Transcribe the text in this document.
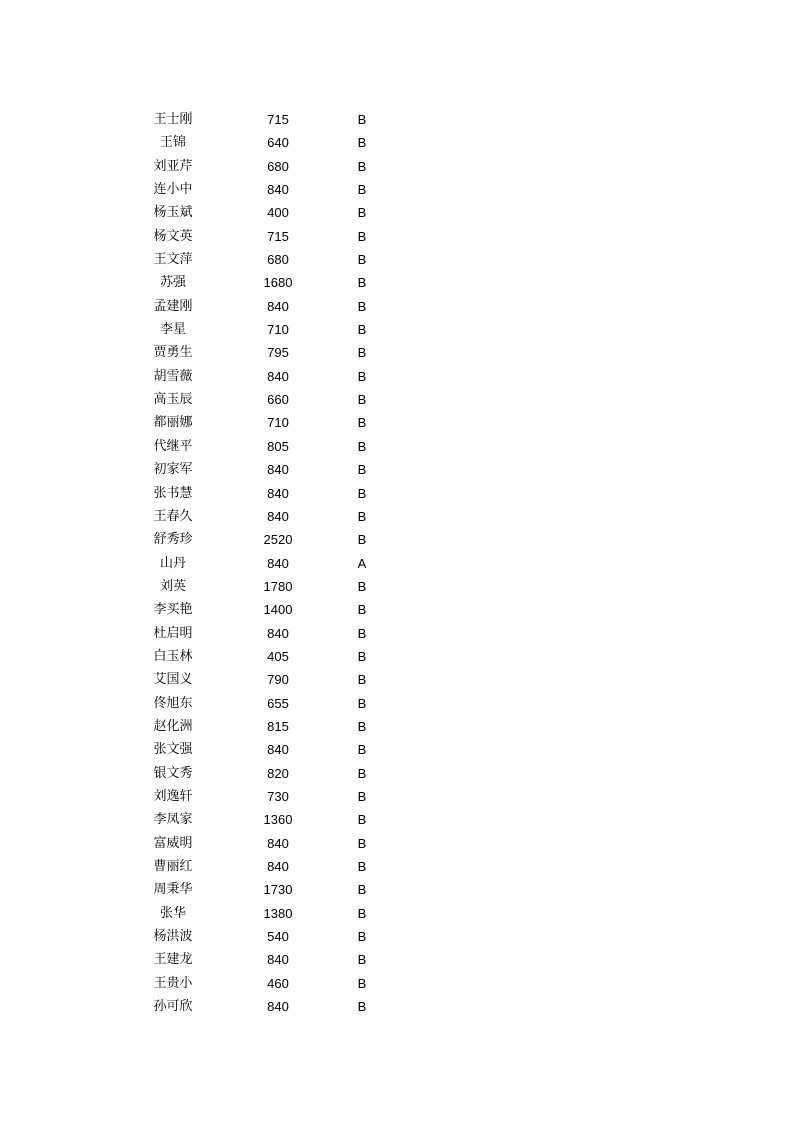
王士刚	715	B
王锦	640	B
刘亚芹	680	B
连小中	840	B
杨玉斌	400	B
杨文英	715	B
王文萍	680	B
苏强	1680	B
孟建刚	840	B
李星	710	B
贾勇生	795	B
胡雪薇	840	B
高玉辰	660	B
都丽娜	710	B
代继平	805	B
初家军	840	B
张书慧	840	B
王春久	840	B
舒秀珍	2520	B
山丹	840	A
刘英	1780	B
李买艳	1400	B
杜启明	840	B
白玉林	405	B
艾国义	790	B
佟旭东	655	B
赵化洲	815	B
张文强	840	B
银文秀	820	B
刘逸轩	730	B
李凤家	1360	B
富威明	840	B
曹丽红	840	B
周秉华	1730	B
张华	1380	B
杨洪波	540	B
王建龙	840	B
王贵小	460	B
孙可欣	840	B
